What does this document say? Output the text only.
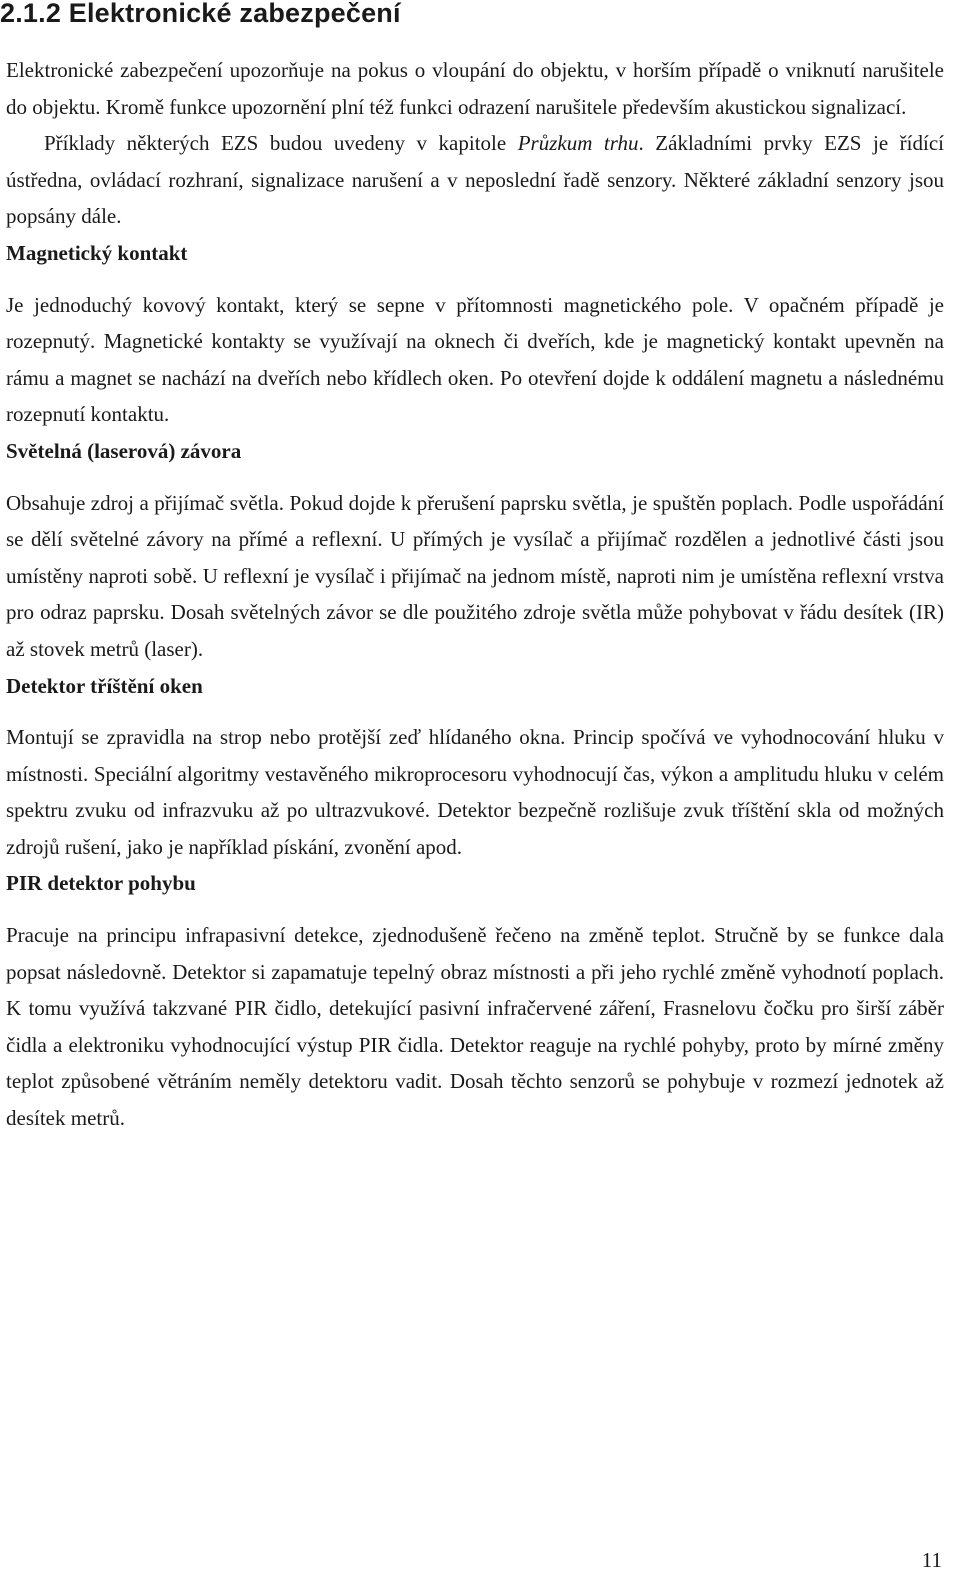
2.1.2 Elektronické zabezpečení

Elektronické zabezpečení upozorňuje na pokus o vloupání do objektu, v horším případě o vniknutí narušitele do objektu. Kromě funkce upozornění plní též funkci odrazení narušitele především akustickou signalizací.

Příklady některých EZS budou uvedeny v kapitole Průzkum trhu. Základními prvky EZS je řídící ústředna, ovládací rozhraní, signalizace narušení a v neposlední řadě senzory. Některé základní senzory jsou popsány dále.

Magnetický kontakt

Je jednoduchý kovový kontakt, který se sepne v přítomnosti magnetického pole. V opačném případě je rozepnutý. Magnetické kontakty se využívají na oknech či dveřích, kde je magnetický kontakt upevněn na rámu a magnet se nachází na dveřích nebo křídlech oken. Po otevření dojde k oddálení magnetu a následnému rozepnutí kontaktu.

Světelná (laserová) závora

Obsahuje zdroj a přijímač světla. Pokud dojde k přerušení paprsku světla, je spuštěn poplach. Podle uspořádání se dělí světelné závory na přímé a reflexní. U přímých je vysílač a přijímač rozdělen a jednotlivé části jsou umístěny naproti sobě. U reflexní je vysílač i přijímač na jednom místě, naproti nim je umístěna reflexní vrstva pro odraz paprsku. Dosah světelných závor se dle použitého zdroje světla může pohybovat v řádu desítek (IR) až stovek metrů (laser).

Detektor tříštění oken

Montují se zpravidla na strop nebo protější zeď hlídaného okna. Princip spočívá ve vyhodnocování hluku v místnosti. Speciální algoritmy vestavěného mikroprocesoru vyhodnocují čas, výkon a amplitudu hluku v celém spektru zvuku od infrazvuku až po ultrazvukové. Detektor bezpečně rozlišuje zvuk tříštění skla od možných zdrojů rušení, jako je například pískání, zvonění apod.

PIR detektor pohybu

Pracuje na principu infrapasivní detekce, zjednodušeně řečeno na změně teplot. Stručně by se funkce dala popsat následovně. Detektor si zapamatuje tepelný obraz místnosti a při jeho rychlé změně vyhodnotí poplach. K tomu využívá takzvané PIR čidlo, detekující pasivní infračervené záření, Frasnelovu čočku pro širší záběr čidla a elektroniku vyhodnocující výstup PIR čidla. Detektor reaguje na rychlé pohyby, proto by mírné změny teplot způsobené větráním neměly detektoru vadit. Dosah těchto senzorů se pohybuje v rozmezí jednotek až desítek metrů.

11
